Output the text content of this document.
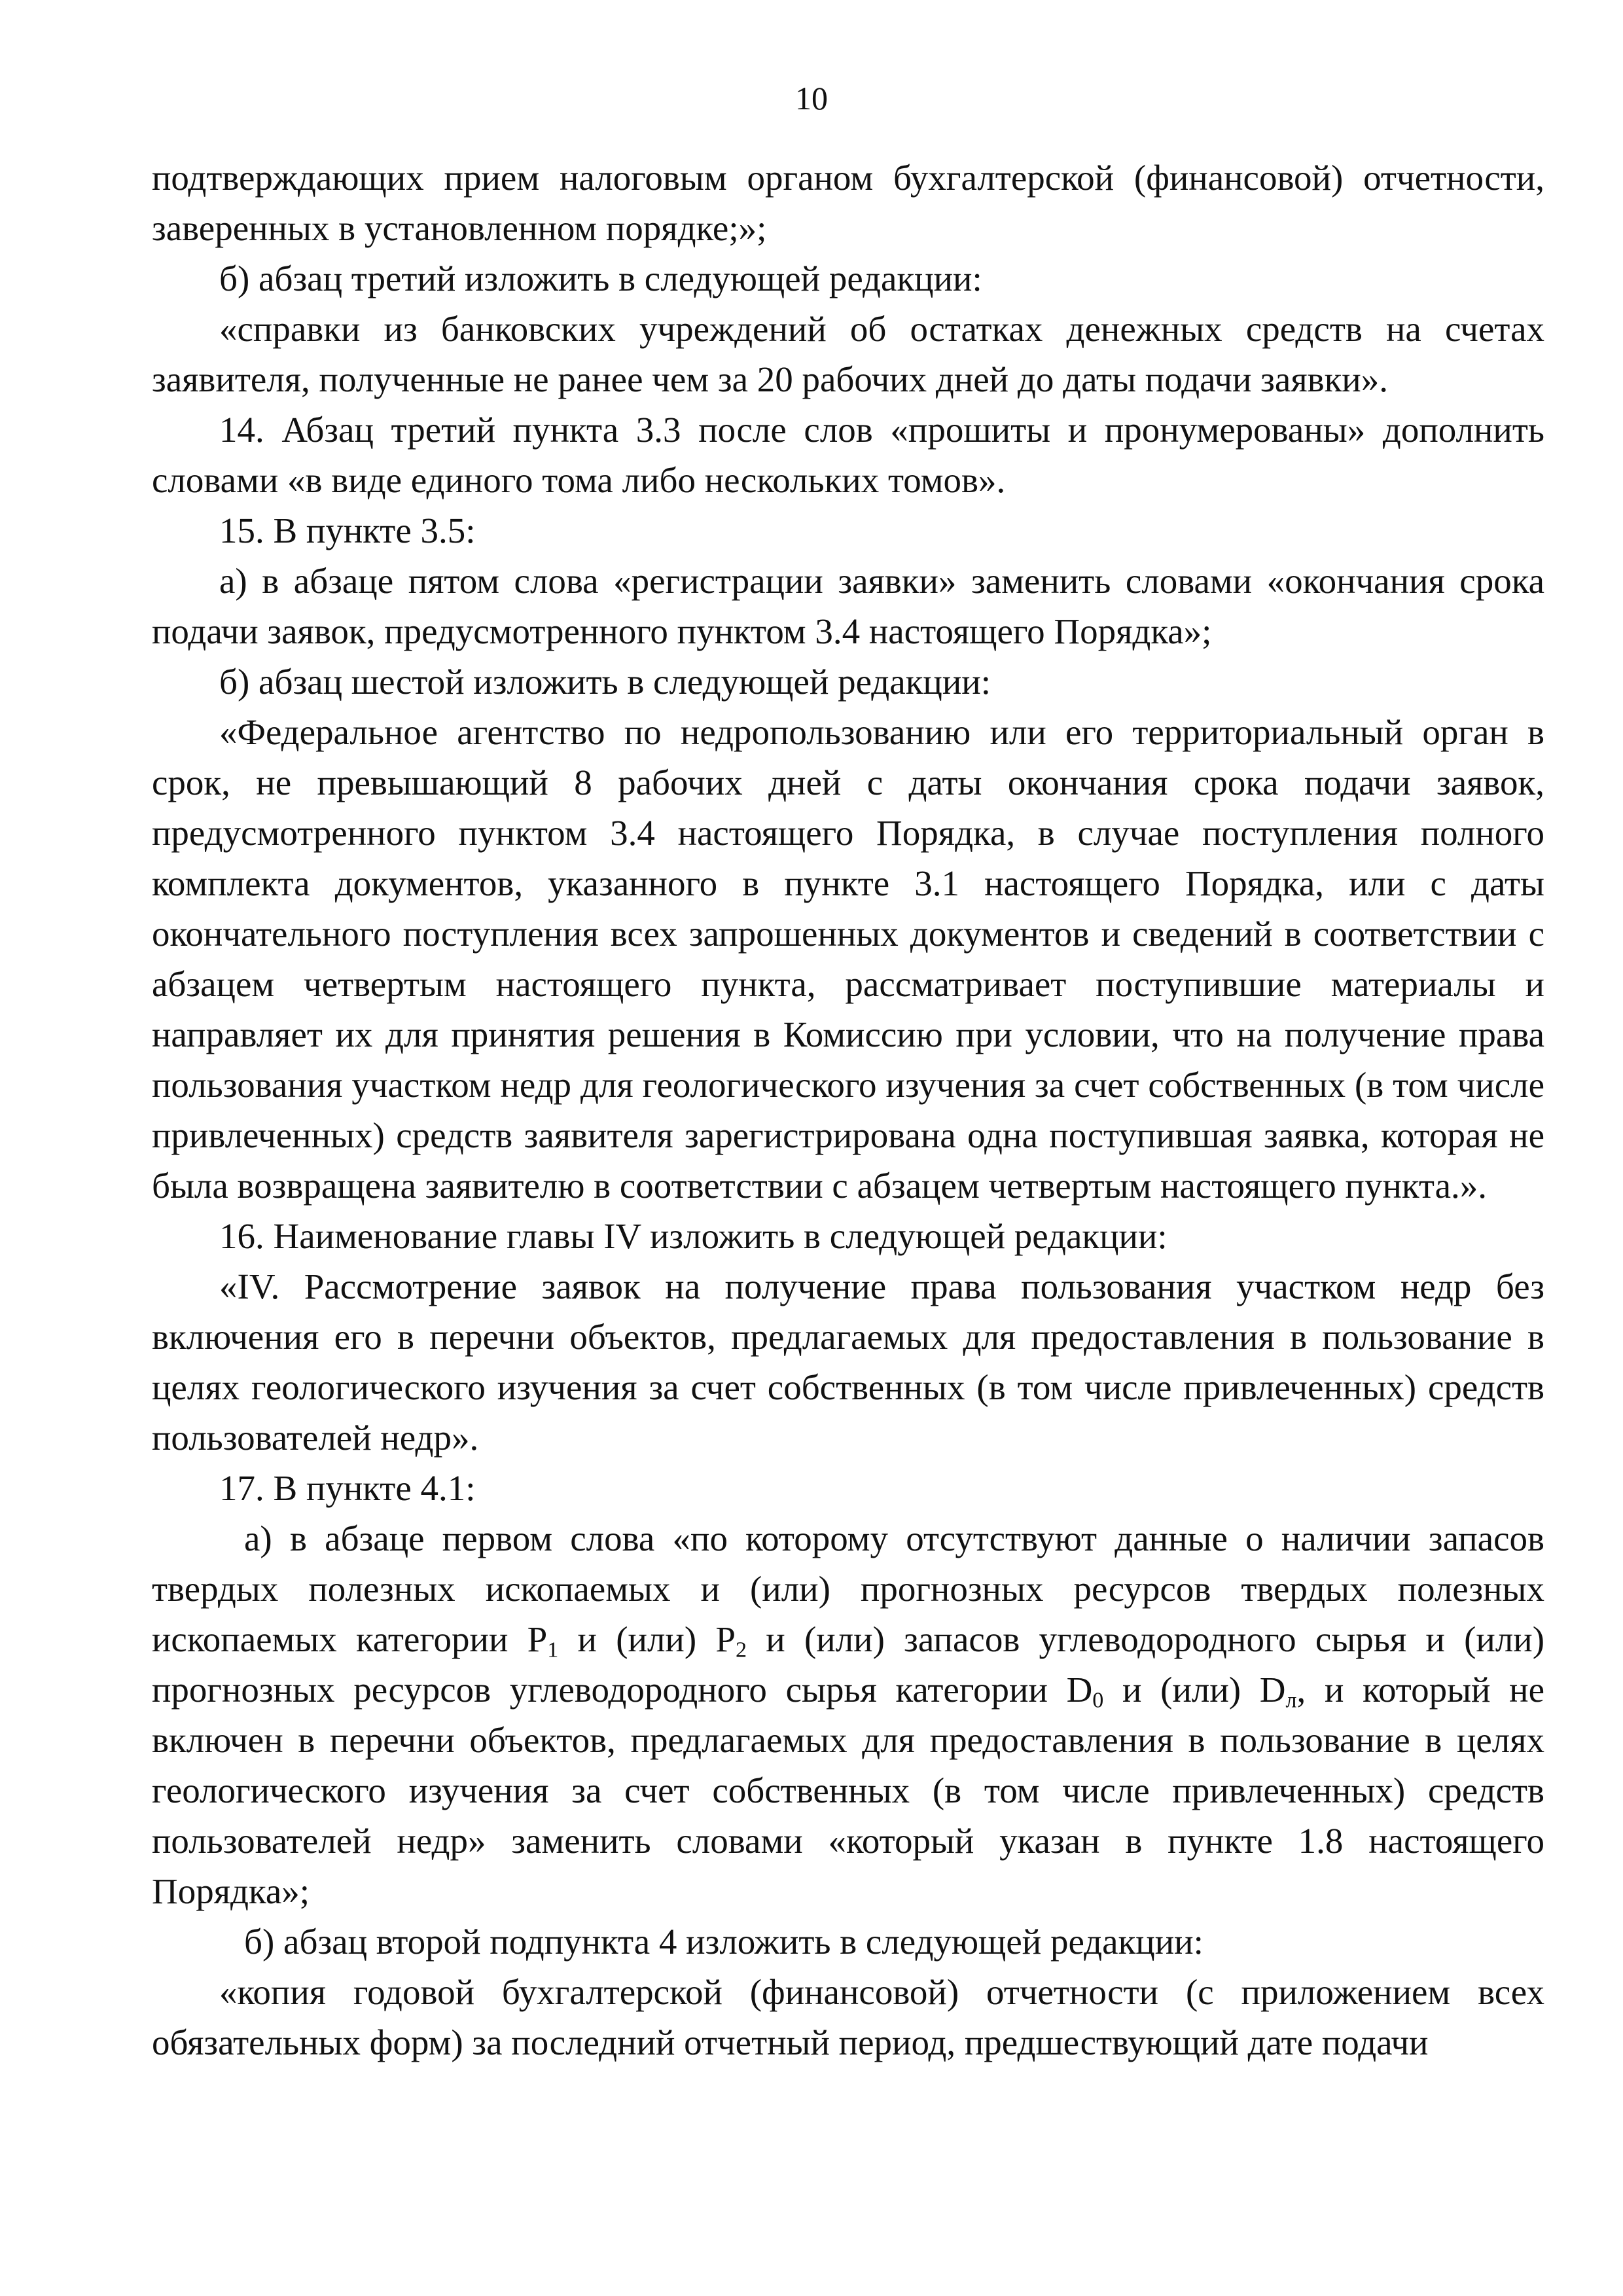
10

подтверждающих прием налоговым органом бухгалтерской (финансовой) отчетности, заверенных в установленном порядке;»;

б) абзац третий изложить в следующей редакции:

«справки из банковских учреждений об остатках денежных средств на счетах заявителя, полученные не ранее чем за 20 рабочих дней до даты подачи заявки».

14. Абзац третий пункта 3.3 после слов «прошиты и пронумерованы» дополнить словами «в виде единого тома либо нескольких томов».

15. В пункте 3.5:

а) в абзаце пятом слова «регистрации заявки» заменить словами «окончания срока подачи заявок, предусмотренного пунктом 3.4 настоящего Порядка»;

б) абзац шестой изложить в следующей редакции:

«Федеральное агентство по недропользованию или его территориальный орган в срок, не превышающий 8 рабочих дней с даты окончания срока подачи заявок, предусмотренного пунктом 3.4 настоящего Порядка, в случае поступления полного комплекта документов, указанного в пункте 3.1 настоящего Порядка, или с даты окончательного поступления всех запрошенных документов и сведений в соответствии с абзацем четвертым настоящего пункта, рассматривает поступившие материалы и направляет их для принятия решения в Комиссию при условии, что на получение права пользования участком недр для геологического изучения за счет собственных (в том числе привлеченных) средств заявителя зарегистрирована одна поступившая заявка, которая не была возвращена заявителю в соответствии с абзацем четвертым настоящего пункта.».

16. Наименование главы IV изложить в следующей редакции:

«IV. Рассмотрение заявок на получение права пользования участком недр без включения его в перечни объектов, предлагаемых для предоставления в пользование в целях геологического изучения за счет собственных (в том числе привлеченных) средств пользователей недр».

17. В пункте 4.1:

а) в абзаце первом слова «по которому отсутствуют данные о наличии запасов твердых полезных ископаемых и (или) прогнозных ресурсов твердых полезных ископаемых категории $P_1$ и (или) $P_2$ и (или) запасов углеводородного сырья и (или) прогнозных ресурсов углеводородного сырья категории $D_0$ и (или) $D_л$, и который не включен в перечни объектов, предлагаемых для предоставления в пользование в целях геологического изучения за счет собственных (в том числе привлеченных) средств пользователей недр» заменить словами «который указан в пункте 1.8 настоящего Порядка»;

б) абзац второй подпункта 4 изложить в следующей редакции:

«копия годовой бухгалтерской (финансовой) отчетности (с приложением всех обязательных форм) за последний отчетный период, предшествующий дате подачи
